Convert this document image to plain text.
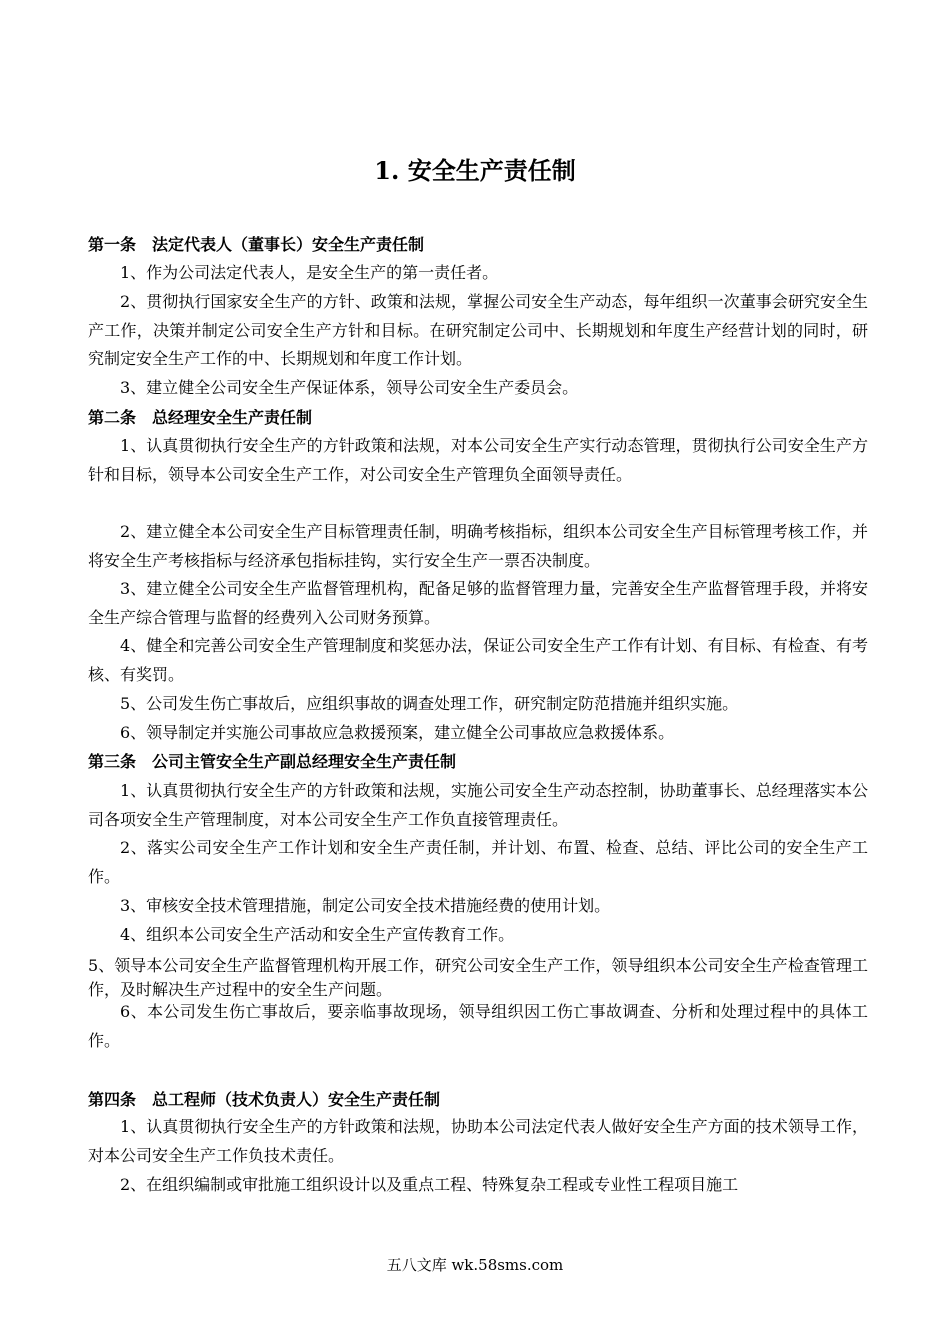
1. 安全生产责任制
第一条　法定代表人（董事长）安全生产责任制
1、作为公司法定代表人，是安全生产的第一责任者。
2、贯彻执行国家安全生产的方针、政策和法规，掌握公司安全生产动态，每年组织一次董事会研究安全生产工作，决策并制定公司安全生产方针和目标。在研究制定公司中、长期规划和年度生产经营计划的同时，研究制定安全生产工作的中、长期规划和年度工作计划。
3、建立健全公司安全生产保证体系，领导公司安全生产委员会。
第二条　总经理安全生产责任制
1、认真贯彻执行安全生产的方针政策和法规，对本公司安全生产实行动态管理，贯彻执行公司安全生产方针和目标，领导本公司安全生产工作，对公司安全生产管理负全面领导责任。
2、建立健全本公司安全生产目标管理责任制，明确考核指标，组织本公司安全生产目标管理考核工作，并将安全生产考核指标与经济承包指标挂钩，实行安全生产一票否决制度。
3、建立健全公司安全生产监督管理机构，配备足够的监督管理力量，完善安全生产监督管理手段，并将安全生产综合管理与监督的经费列入公司财务预算。
4、健全和完善公司安全生产管理制度和奖惩办法，保证公司安全生产工作有计划、有目标、有检查、有考核、有奖罚。
5、公司发生伤亡事故后，应组织事故的调查处理工作，研究制定防范措施并组织实施。
6、领导制定并实施公司事故应急救援预案，建立健全公司事故应急救援体系。
第三条　公司主管安全生产副总经理安全生产责任制
1、认真贯彻执行安全生产的方针政策和法规，实施公司安全生产动态控制，协助董事长、总经理落实本公司各项安全生产管理制度，对本公司安全生产工作负直接管理责任。
2、落实公司安全生产工作计划和安全生产责任制，并计划、布置、检查、总结、评比公司的安全生产工作。
3、审核安全技术管理措施，制定公司安全技术措施经费的使用计划。
4、组织本公司安全生产活动和安全生产宣传教育工作。
5、领导本公司安全生产监督管理机构开展工作，研究公司安全生产工作，领导组织本公司安全生产检查管理工作，及时解决生产过程中的安全生产问题。
6、本公司发生伤亡事故后，要亲临事故现场，领导组织因工伤亡事故调查、分析和处理过程中的具体工作。
第四条　总工程师（技术负责人）安全生产责任制
1、认真贯彻执行安全生产的方针政策和法规，协助本公司法定代表人做好安全生产方面的技术领导工作，对本公司安全生产工作负技术责任。
2、在组织编制或审批施工组织设计以及重点工程、特殊复杂工程或专业性工程项目施工
五八文库 wk.58sms.com
